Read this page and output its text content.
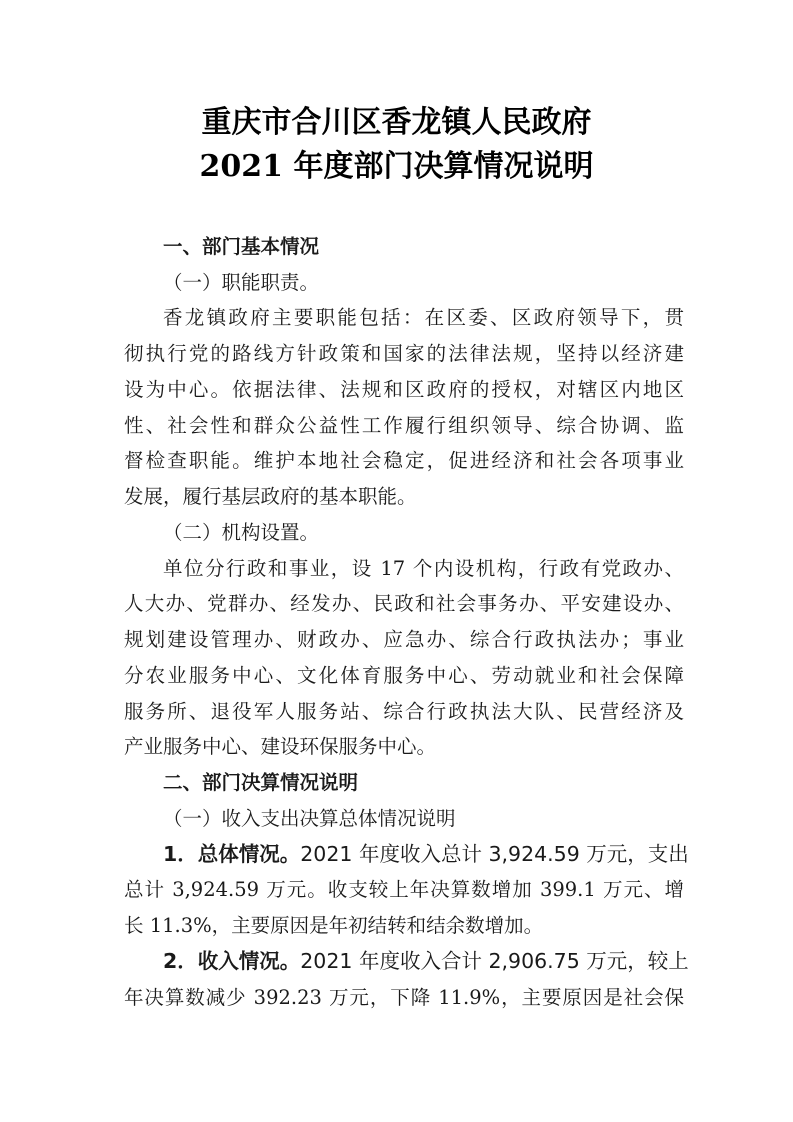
重庆市合川区香龙镇人民政府
2021 年度部门决算情况说明
一、部门基本情况
（一）职能职责。
香龙镇政府主要职能包括：在区委、区政府领导下，贯
彻执行党的路线方针政策和国家的法律法规，坚持以经济建
设为中心。依据法律、法规和区政府的授权，对辖区内地区
性、社会性和群众公益性工作履行组织领导、综合协调、监
督检查职能。维护本地社会稳定，促进经济和社会各项事业
发展，履行基层政府的基本职能。
（二）机构设置。
单位分行政和事业，设 17 个内设机构，行政有党政办、
人大办、党群办、经发办、民政和社会事务办、平安建设办、
规划建设管理办、财政办、应急办、综合行政执法办；事业
分农业服务中心、文化体育服务中心、劳动就业和社会保障
服务所、退役军人服务站、综合行政执法大队、民营经济及
产业服务中心、建设环保服务中心。
二、部门决算情况说明
（一）收入支出决算总体情况说明
1．总体情况。2021 年度收入总计 3,924.59 万元，支出
总计 3,924.59 万元。收支较上年决算数增加 399.1 万元、增
长 11.3%，主要原因是年初结转和结余数增加。
2．收入情况。2021 年度收入合计 2,906.75 万元，较上
年决算数减少 392.23 万元，下降 11.9%，主要原因是社会保
